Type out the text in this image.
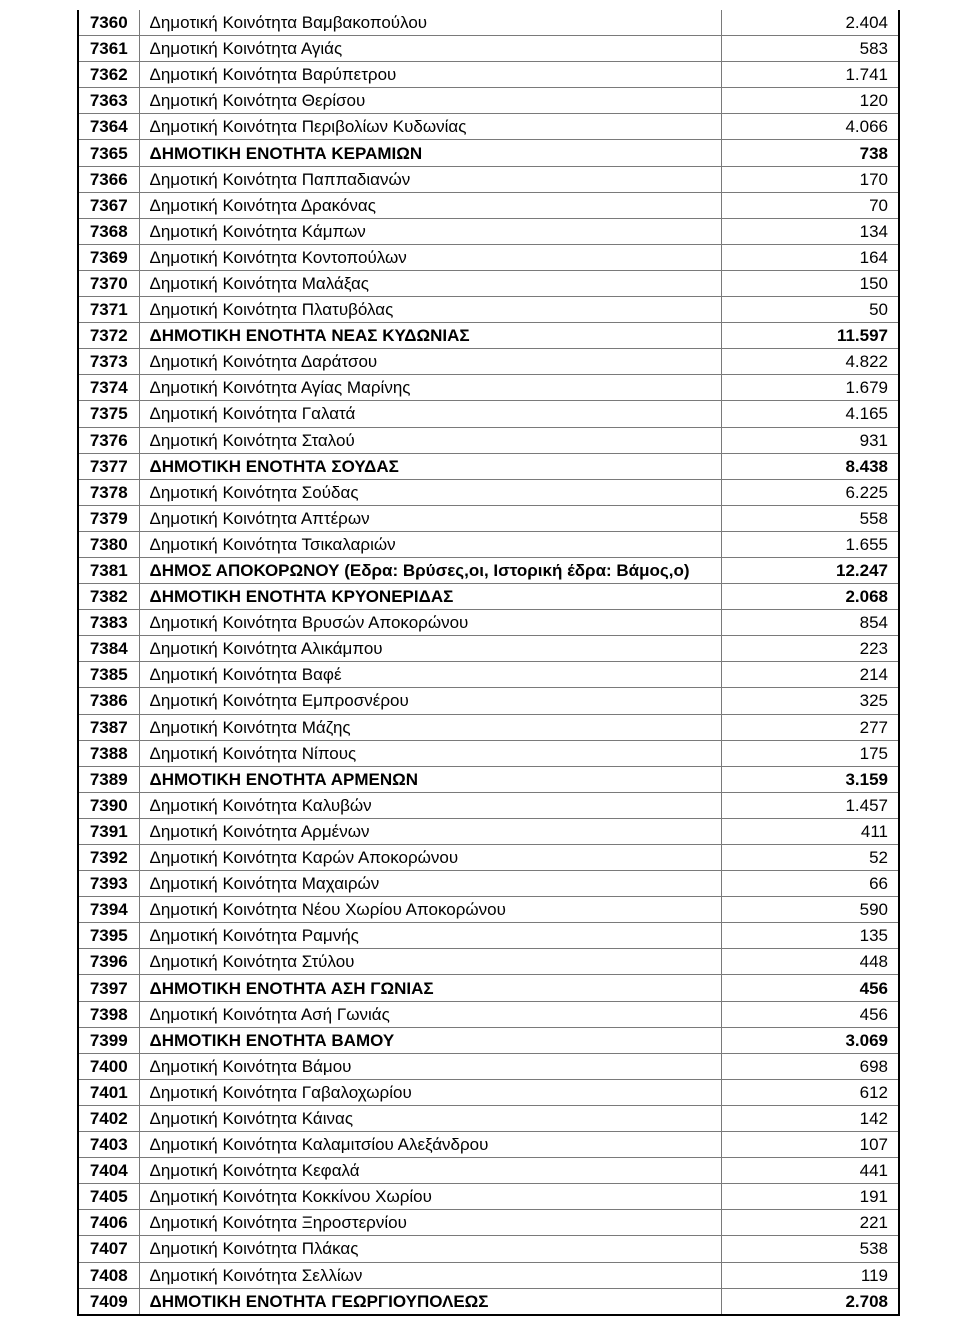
7360	Δημοτική Κοινότητα Βαμβακοπούλου	2.404
7361	Δημοτική Κοινότητα Αγιάς	583
7362	Δημοτική Κοινότητα Βαρύπετρου	1.741
7363	Δημοτική Κοινότητα Θερίσου	120
7364	Δημοτική Κοινότητα Περιβολίων Κυδωνίας	4.066
7365	ΔΗΜΟΤΙΚΗ ΕΝΟΤΗΤΑ ΚΕΡΑΜΙΩΝ	738
7366	Δημοτική Κοινότητα Παππαδιανών	170
7367	Δημοτική Κοινότητα Δρακόνας	70
7368	Δημοτική Κοινότητα Κάμπων	134
7369	Δημοτική Κοινότητα Κοντοπούλων	164
7370	Δημοτική Κοινότητα Μαλάξας	150
7371	Δημοτική Κοινότητα Πλατυβόλας	50
7372	ΔΗΜΟΤΙΚΗ ΕΝΟΤΗΤΑ ΝΕΑΣ ΚΥΔΩΝΙΑΣ	11.597
7373	Δημοτική Κοινότητα Δαράτσου	4.822
7374	Δημοτική Κοινότητα Αγίας Μαρίνης	1.679
7375	Δημοτική Κοινότητα Γαλατά	4.165
7376	Δημοτική Κοινότητα Σταλού	931
7377	ΔΗΜΟΤΙΚΗ ΕΝΟΤΗΤΑ ΣΟΥΔΑΣ	8.438
7378	Δημοτική Κοινότητα Σούδας	6.225
7379	Δημοτική Κοινότητα Απτέρων	558
7380	Δημοτική Κοινότητα Τσικαλαριών	1.655
7381	ΔΗΜΟΣ ΑΠΟΚΟΡΩΝΟΥ (Εδρα: Βρύσες,οι, Ιστορική έδρα: Βάμος,ο)	12.247
7382	ΔΗΜΟΤΙΚΗ ΕΝΟΤΗΤΑ ΚΡΥΟΝΕΡΙΔΑΣ	2.068
7383	Δημοτική Κοινότητα Βρυσών Αποκορώνου	854
7384	Δημοτική Κοινότητα Αλικάμπου	223
7385	Δημοτική Κοινότητα Βαφέ	214
7386	Δημοτική Κοινότητα Εμπροσνέρου	325
7387	Δημοτική Κοινότητα Μάζης	277
7388	Δημοτική Κοινότητα Νίπους	175
7389	ΔΗΜΟΤΙΚΗ ΕΝΟΤΗΤΑ ΑΡΜΕΝΩΝ	3.159
7390	Δημοτική Κοινότητα Καλυβών	1.457
7391	Δημοτική Κοινότητα Αρμένων	411
7392	Δημοτική Κοινότητα Καρών Αποκορώνου	52
7393	Δημοτική Κοινότητα Μαχαιρών	66
7394	Δημοτική Κοινότητα Νέου Χωρίου Αποκορώνου	590
7395	Δημοτική Κοινότητα Ραμνής	135
7396	Δημοτική Κοινότητα Στύλου	448
7397	ΔΗΜΟΤΙΚΗ ΕΝΟΤΗΤΑ ΑΣΗ ΓΩΝΙΑΣ	456
7398	Δημοτική Κοινότητα Ασή Γωνιάς	456
7399	ΔΗΜΟΤΙΚΗ ΕΝΟΤΗΤΑ ΒΑΜΟΥ	3.069
7400	Δημοτική Κοινότητα Βάμου	698
7401	Δημοτική Κοινότητα Γαβαλοχωρίου	612
7402	Δημοτική Κοινότητα Κάινας	142
7403	Δημοτική Κοινότητα Καλαμιτσίου Αλεξάνδρου	107
7404	Δημοτική Κοινότητα Κεφαλά	441
7405	Δημοτική Κοινότητα Κοκκίνου Χωρίου	191
7406	Δημοτική Κοινότητα Ξηροστερνίου	221
7407	Δημοτική Κοινότητα Πλάκας	538
7408	Δημοτική Κοινότητα Σελλίων	119
7409	ΔΗΜΟΤΙΚΗ ΕΝΟΤΗΤΑ ΓΕΩΡΓΙΟΥΠΟΛΕΩΣ	2.708
